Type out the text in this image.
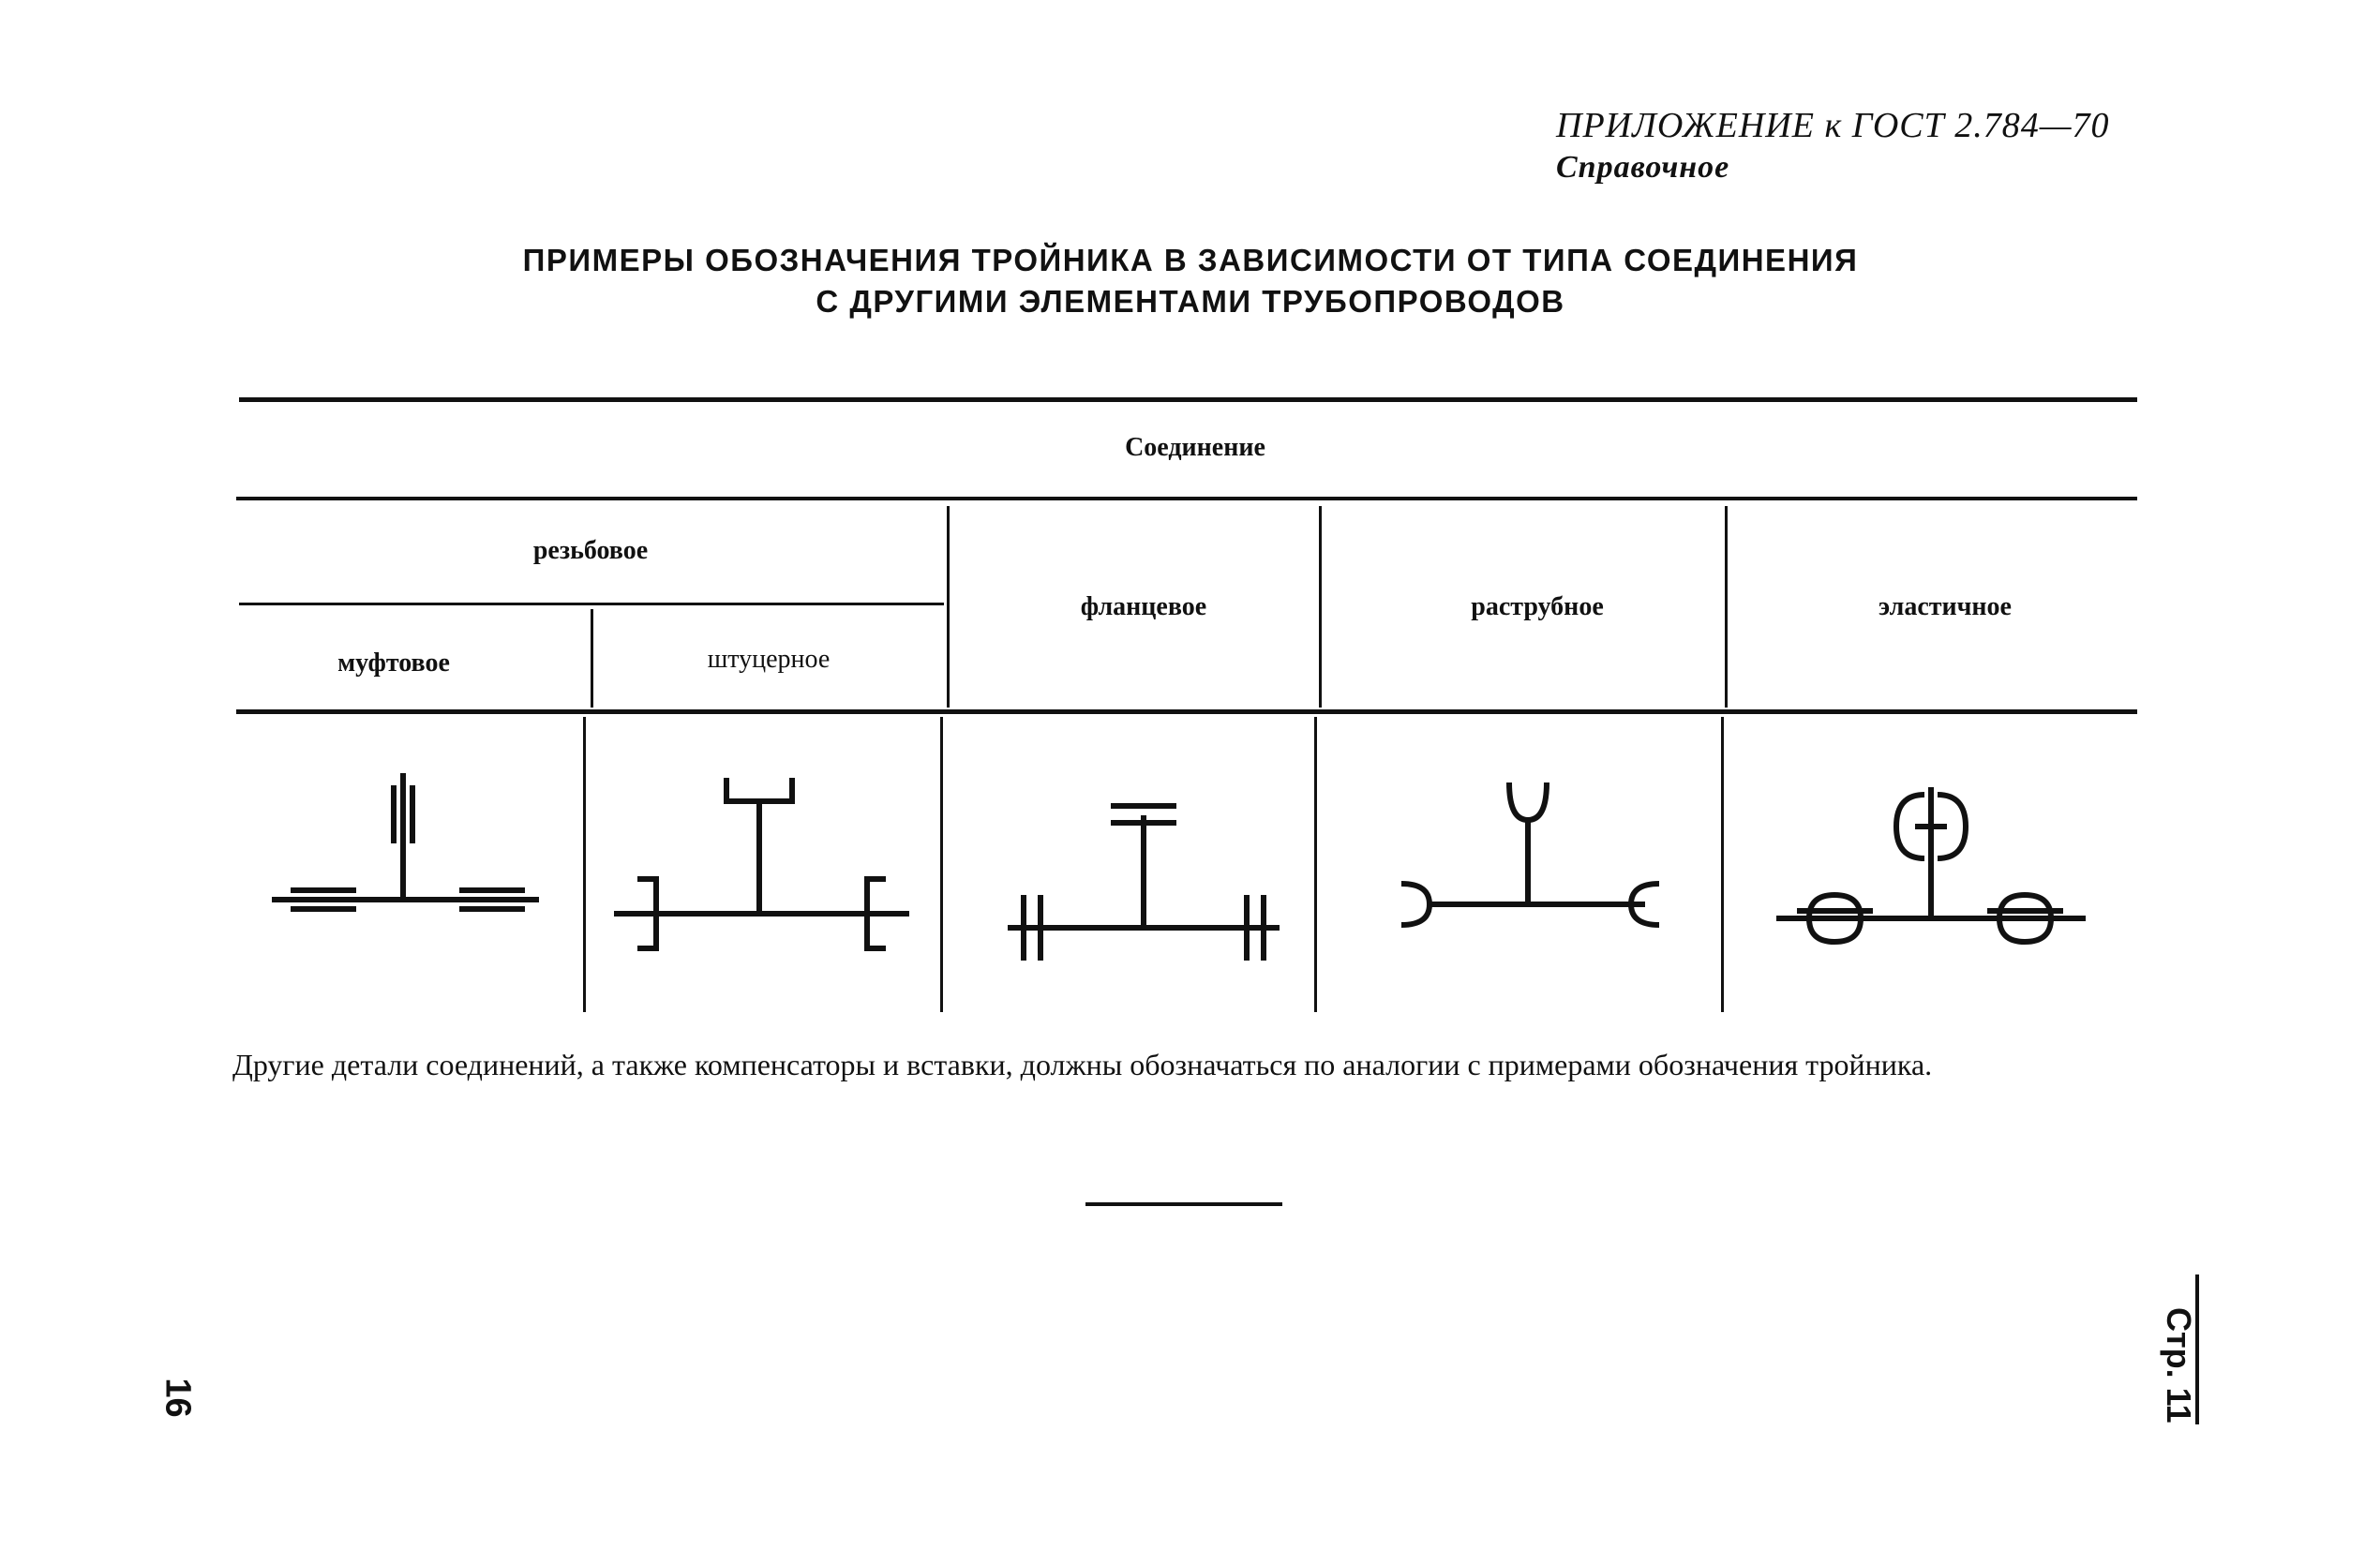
ПРИЛОЖЕНИЕ к ГОСТ 2.784—70
Справочное
ПРИМЕРЫ ОБОЗНАЧЕНИЯ ТРОЙНИКА В ЗАВИСИМОСТИ ОТ ТИПА СОЕДИНЕНИЯ
С ДРУГИМИ ЭЛЕМЕНТАМИ ТРУБОПРОВОДОВ
Соединение
резьбовое
муфтовое	штуцерное
фланцевое	раструбное	эластичное
Другие детали соединений, а также компенсаторы и вставки, должны обозначаться по аналогии с примерами обозначения тройника.
Стр. 11
16
